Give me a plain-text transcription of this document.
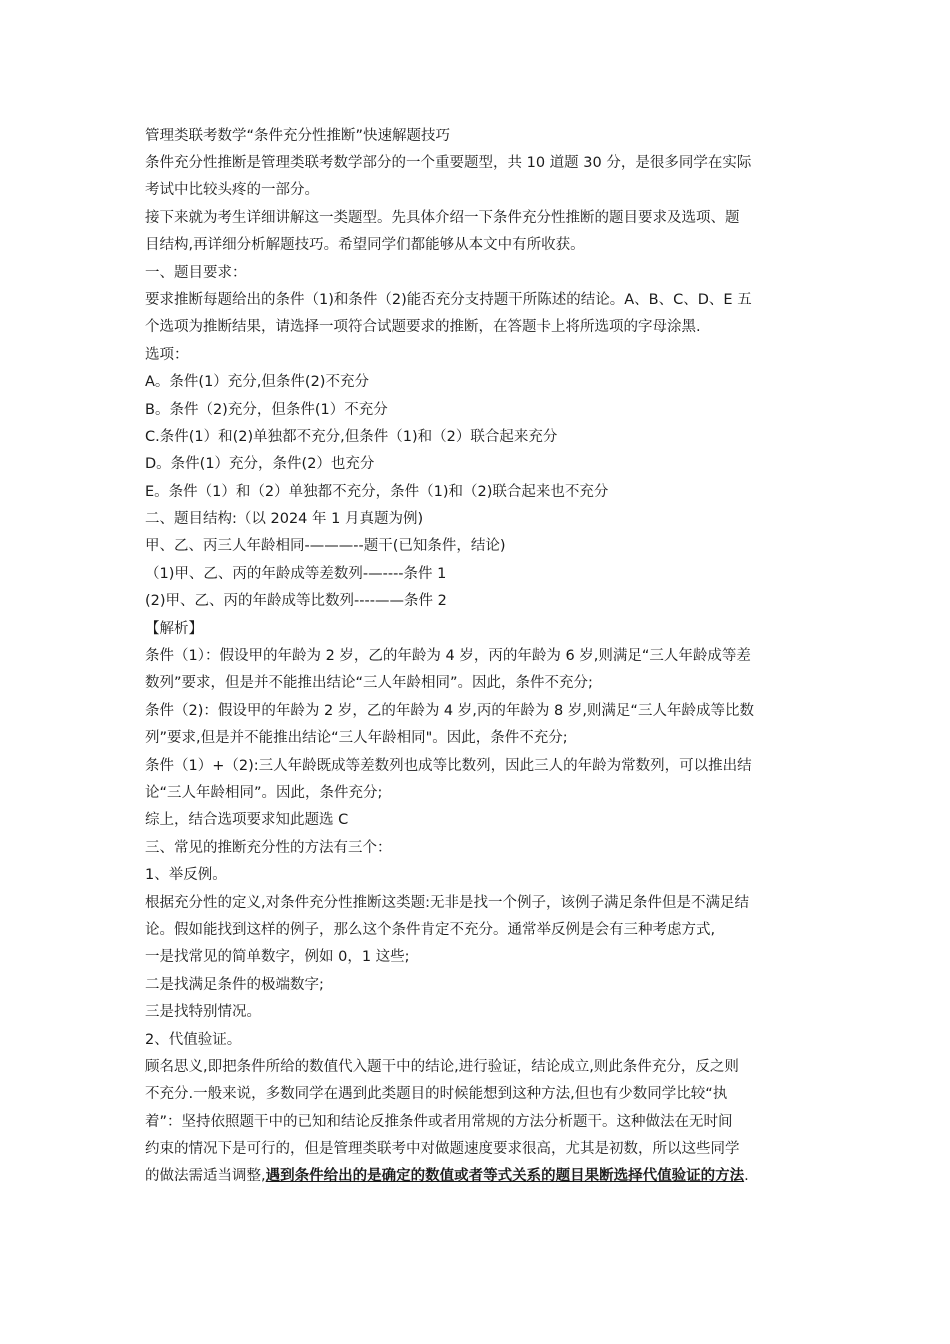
管理类联考数学“条件充分性推断”快速解题技巧
条件充分性推断是管理类联考数学部分的一个重要题型，共 10 道题 30 分，是很多同学在实际
考试中比较头疼的一部分。
接下来就为考生详细讲解这一类题型。先具体介绍一下条件充分性推断的题目要求及选项、题
目结构,再详细分析解题技巧。希望同学们都能够从本文中有所收获。
一、题目要求：
要求推断每题给出的条件（1)和条件（2)能否充分支持题干所陈述的结论。A、B、C、D、E 五
个选项为推断结果，请选择一项符合试题要求的推断，在答题卡上将所选项的字母涂黑.
选项：
A。条件(1）充分,但条件(2)不充分
B。条件（2)充分，但条件(1）不充分
C.条件(1）和(2)单独都不充分,但条件（1)和（2）联合起来充分
D。条件(1）充分，条件(2）也充分
E。条件（1）和（2）单独都不充分，条件（1)和（2)联合起来也不充分
二、题目结构:（以 2024 年 1 月真题为例)
甲、乙、丙三人年龄相同-———--题干(已知条件，结论)
（1)甲、乙、丙的年龄成等差数列-—----条件 1
(2)甲、乙、丙的年龄成等比数列----——条件 2
【解析】
条件（1）：假设甲的年龄为 2 岁，乙的年龄为 4 岁，丙的年龄为 6 岁,则满足“三人年龄成等差
数列”要求，但是并不能推出结论“三人年龄相同”。因此，条件不充分;
条件（2)：假设甲的年龄为 2 岁，乙的年龄为 4 岁,丙的年龄为 8 岁,则满足“三人年龄成等比数
列”要求,但是并不能推出结论“三人年龄相同"。因此，条件不充分;
条件（1）+（2):三人年龄既成等差数列也成等比数列，因此三人的年龄为常数列，可以推出结
论“三人年龄相同”。因此，条件充分;
综上，结合选项要求知此题选 C
三、常见的推断充分性的方法有三个：
1、举反例。
根据充分性的定义,对条件充分性推断这类题:无非是找一个例子，该例子满足条件但是不满足结
论。假如能找到这样的例子，那么这个条件肯定不充分。通常举反例是会有三种考虑方式,
一是找常见的简单数字，例如 0，1 这些;
二是找满足条件的极端数字;
三是找特别情况。
2、代值验证。
顾名思义,即把条件所给的数值代入题干中的结论,进行验证，结论成立,则此条件充分，反之则
不充分.一般来说，多数同学在遇到此类题目的时候能想到这种方法,但也有少数同学比较“执
着”：坚持依照题干中的已知和结论反推条件或者用常规的方法分析题干。这种做法在无时间
约束的情况下是可行的，但是管理类联考中对做题速度要求很高，尤其是初数，所以这些同学
的做法需适当调整,遇到条件给出的是确定的数值或者等式关系的题目果断选择代值验证的方法.
